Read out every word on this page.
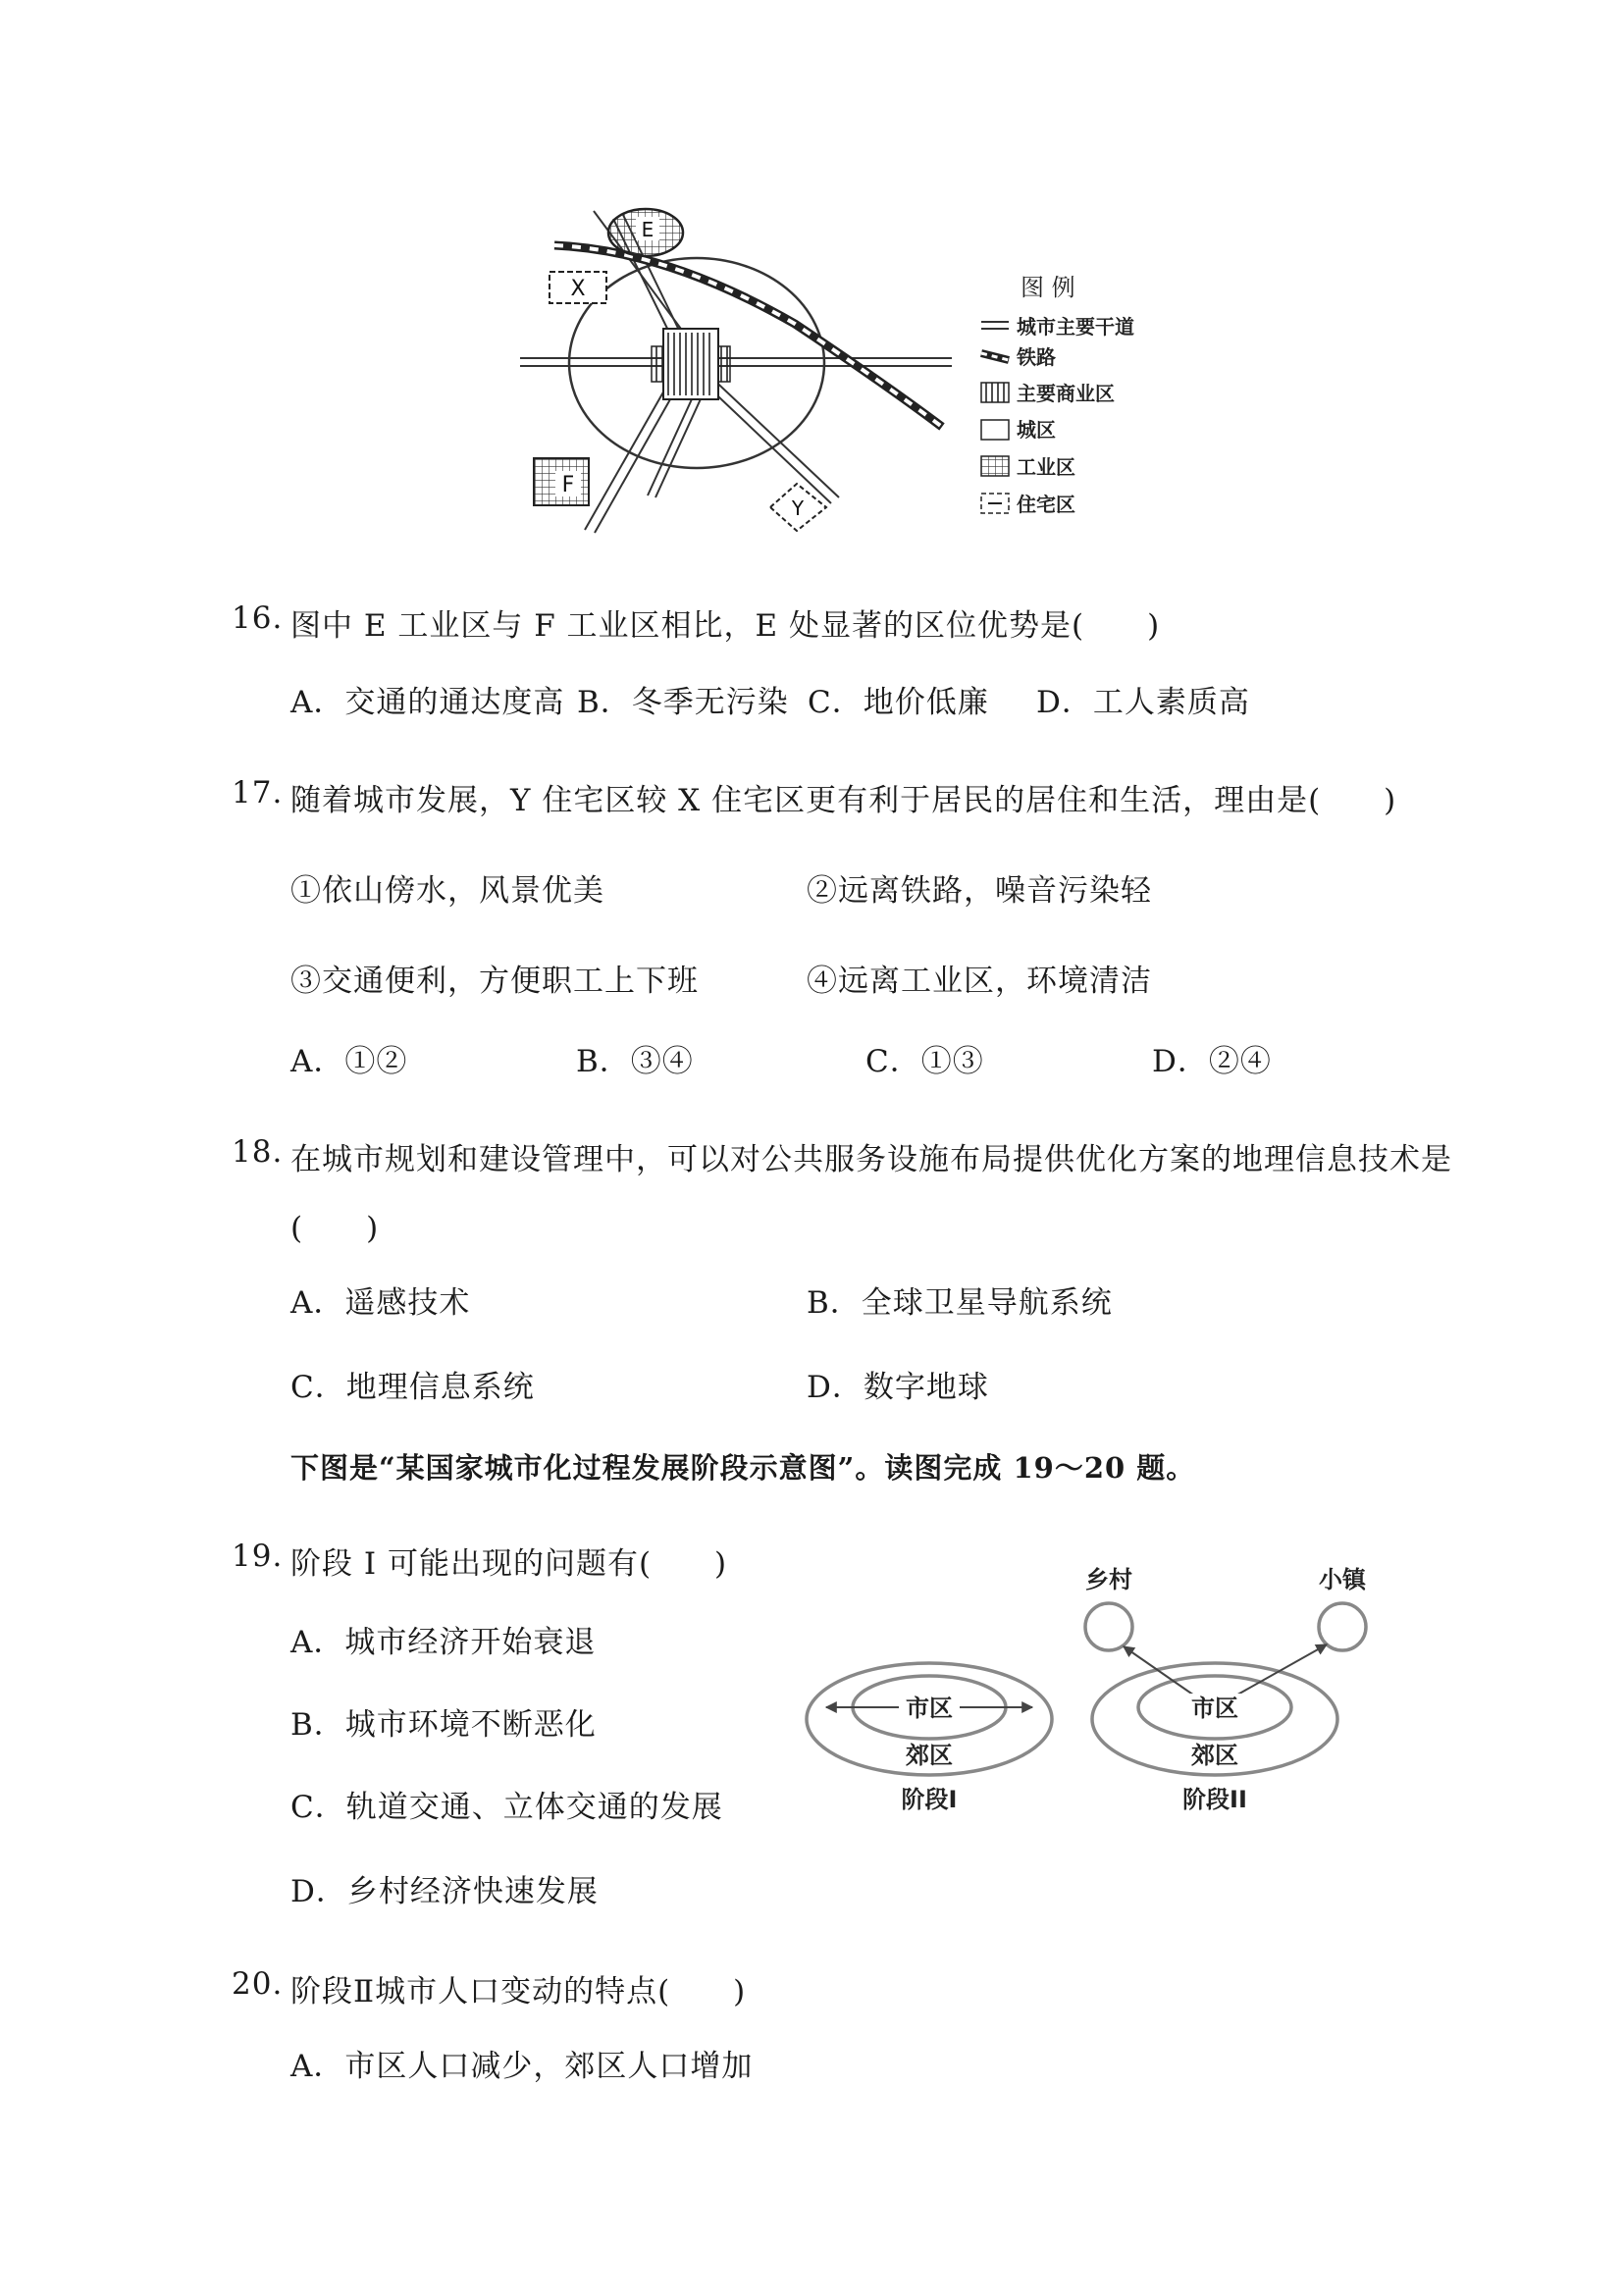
E
X
F
Y
图 例
城市主要干道
铁路
主要商业区
城区
工业区
住宅区
16. 图中 E 工业区与 F 工业区相比，E 处显著的区位优势是(　　)
A．交通的通达度高 B．冬季无污染 C．地价低廉 D．工人素质高
17. 随着城市发展，Y 住宅区较 X 住宅区更有利于居民的居住和生活，理由是(　　)
①依山傍水，风景优美	②远离铁路，噪音污染轻
③交通便利，方便职工上下班	④远离工业区，环境清洁
A．①②	B．③④	C．①③	D．②④
18. 在城市规划和建设管理中，可以对公共服务设施布局提供优化方案的地理信息技术是
(　　)
A．遥感技术	B．全球卫星导航系统
C．地理信息系统	D．数字地球
下图是“某国家城市化过程发展阶段示意图”。读图完成 19～20 题。
市区
郊区
阶段I
市区
郊区
阶段II
乡村	小镇
19. 阶段 I 可能出现的问题有(　　)
A．城市经济开始衰退
B．城市环境不断恶化
C．轨道交通、立体交通的发展
D．乡村经济快速发展
20. 阶段Ⅱ城市人口变动的特点(　　)
A．市区人口减少，郊区人口增加
